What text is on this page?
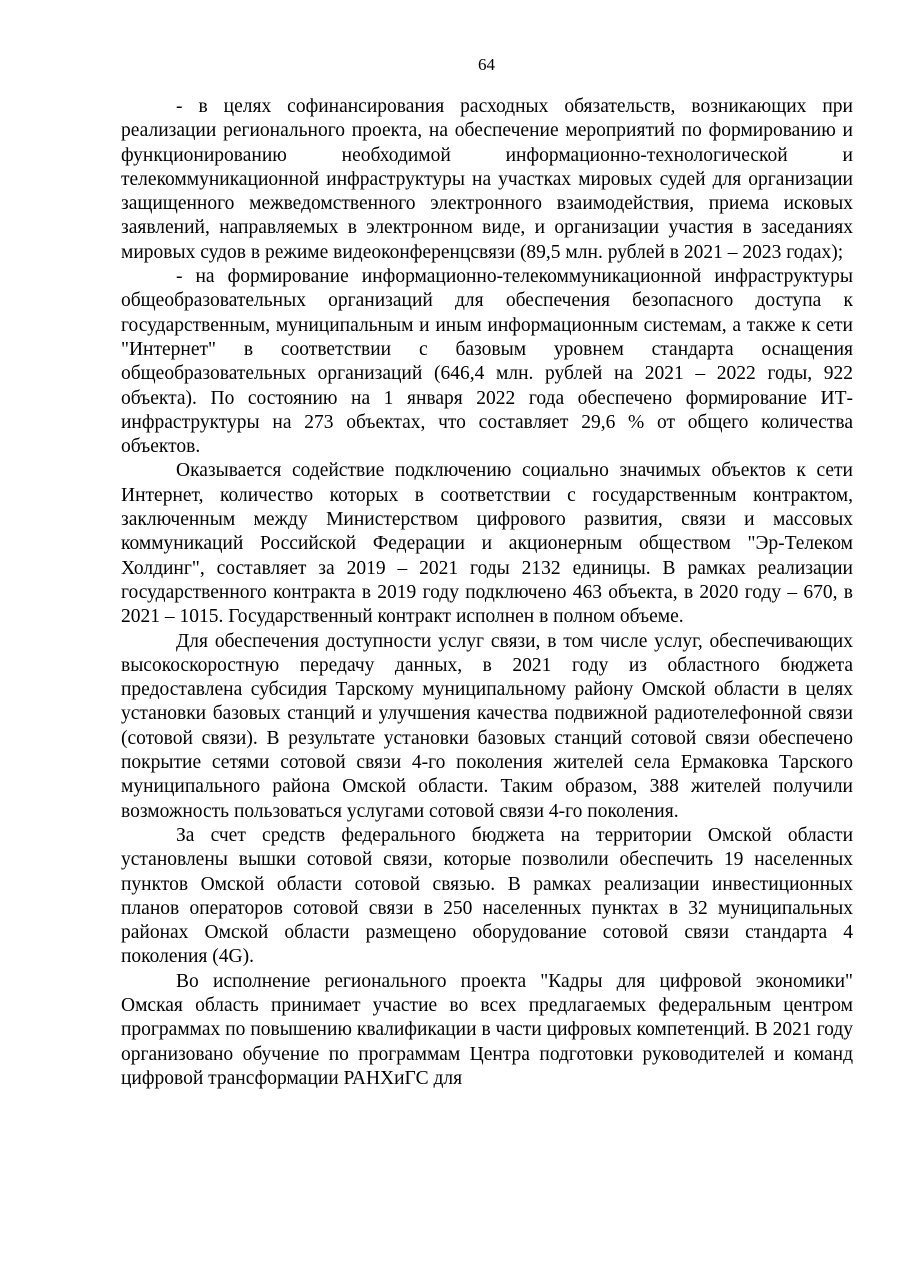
64

- в целях софинансирования расходных обязательств, возникающих при реализации регионального проекта, на обеспечение мероприятий по формированию и функционированию необходимой информационно-технологической и телекоммуникационной инфраструктуры на участках мировых судей для организации защищенного межведомственного электронного взаимодействия, приема исковых заявлений, направляемых в электронном виде, и организации участия в заседаниях мировых судов в режиме видеоконференцсвязи (89,5 млн. рублей в 2021 – 2023 годах);

- на формирование информационно-телекоммуникационной инфраструктуры общеобразовательных организаций для обеспечения безопасного доступа к государственным, муниципальным и иным информационным системам, а также к сети "Интернет" в соответствии с базовым уровнем стандарта оснащения общеобразовательных организаций (646,4 млн. рублей на 2021 – 2022 годы, 922 объекта). По состоянию на 1 января 2022 года обеспечено формирование ИТ-инфраструктуры на 273 объектах, что составляет 29,6 % от общего количества объектов.

Оказывается содействие подключению социально значимых объектов к сети Интернет, количество которых в соответствии с государственным контрактом, заключенным между Министерством цифрового развития, связи и массовых коммуникаций Российской Федерации и акционерным обществом "Эр-Телеком Холдинг", составляет за 2019 – 2021 годы 2132 единицы. В рамках реализации государственного контракта в 2019 году подключено 463 объекта, в 2020 году – 670, в 2021 – 1015. Государственный контракт исполнен в полном объеме.

Для обеспечения доступности услуг связи, в том числе услуг, обеспечивающих высокоскоростную передачу данных, в 2021 году из областного бюджета предоставлена субсидия Тарскому муниципальному району Омской области в целях установки базовых станций и улучшения качества подвижной радиотелефонной связи (сотовой связи). В результате установки базовых станций сотовой связи обеспечено покрытие сетями сотовой связи 4-го поколения жителей села Ермаковка Тарского муниципального района Омской области. Таким образом, 388 жителей получили возможность пользоваться услугами сотовой связи 4-го поколения.

За счет средств федерального бюджета на территории Омской области установлены вышки сотовой связи, которые позволили обеспечить 19 населенных пунктов Омской области сотовой связью. В рамках реализации инвестиционных планов операторов сотовой связи в 250 населенных пунктах в 32 муниципальных районах Омской области размещено оборудование сотовой связи стандарта 4 поколения (4G).

Во исполнение регионального проекта "Кадры для цифровой экономики" Омская область принимает участие во всех предлагаемых федеральным центром программах по повышению квалификации в части цифровых компетенций. В 2021 году организовано обучение по программам Центра подготовки руководителей и команд цифровой трансформации РАНХиГС для
